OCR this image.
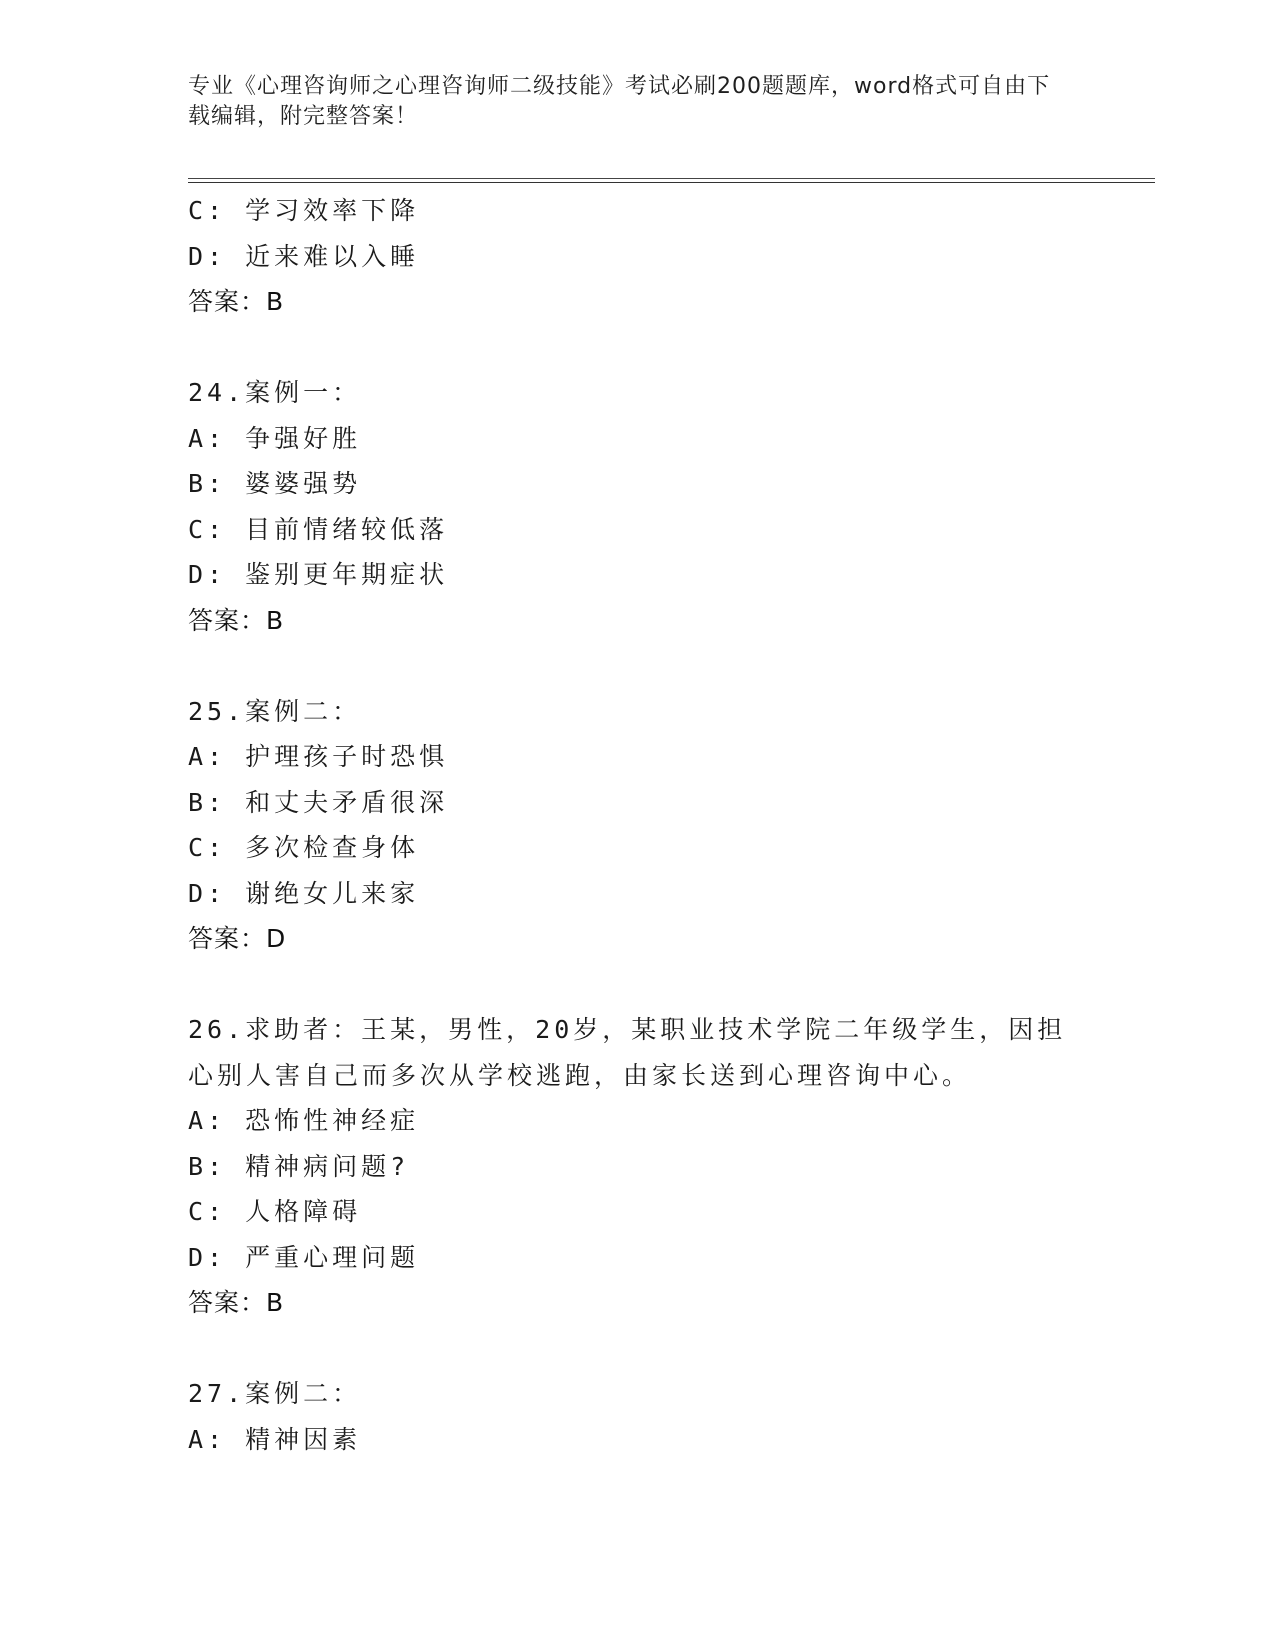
专业《心理咨询师之心理咨询师二级技能》考试必刷200题题库，word格式可自由下载编辑，附完整答案！
C: 学习效率下降
D: 近来难以入睡
答案：B
24.案例一：
A: 争强好胜
B: 婆婆强势
C: 目前情绪较低落
D: 鉴别更年期症状
答案：B
25.案例二：
A: 护理孩子时恐惧
B: 和丈夫矛盾很深
C: 多次检查身体
D: 谢绝女儿来家
答案：D
26.求助者：王某，男性，20岁，某职业技术学院二年级学生，因担心别人害自己而多次从学校逃跑，由家长送到心理咨询中心。
A: 恐怖性神经症
B: 精神病问题?
C: 人格障碍
D: 严重心理问题
答案：B
27.案例二：
A: 精神因素
